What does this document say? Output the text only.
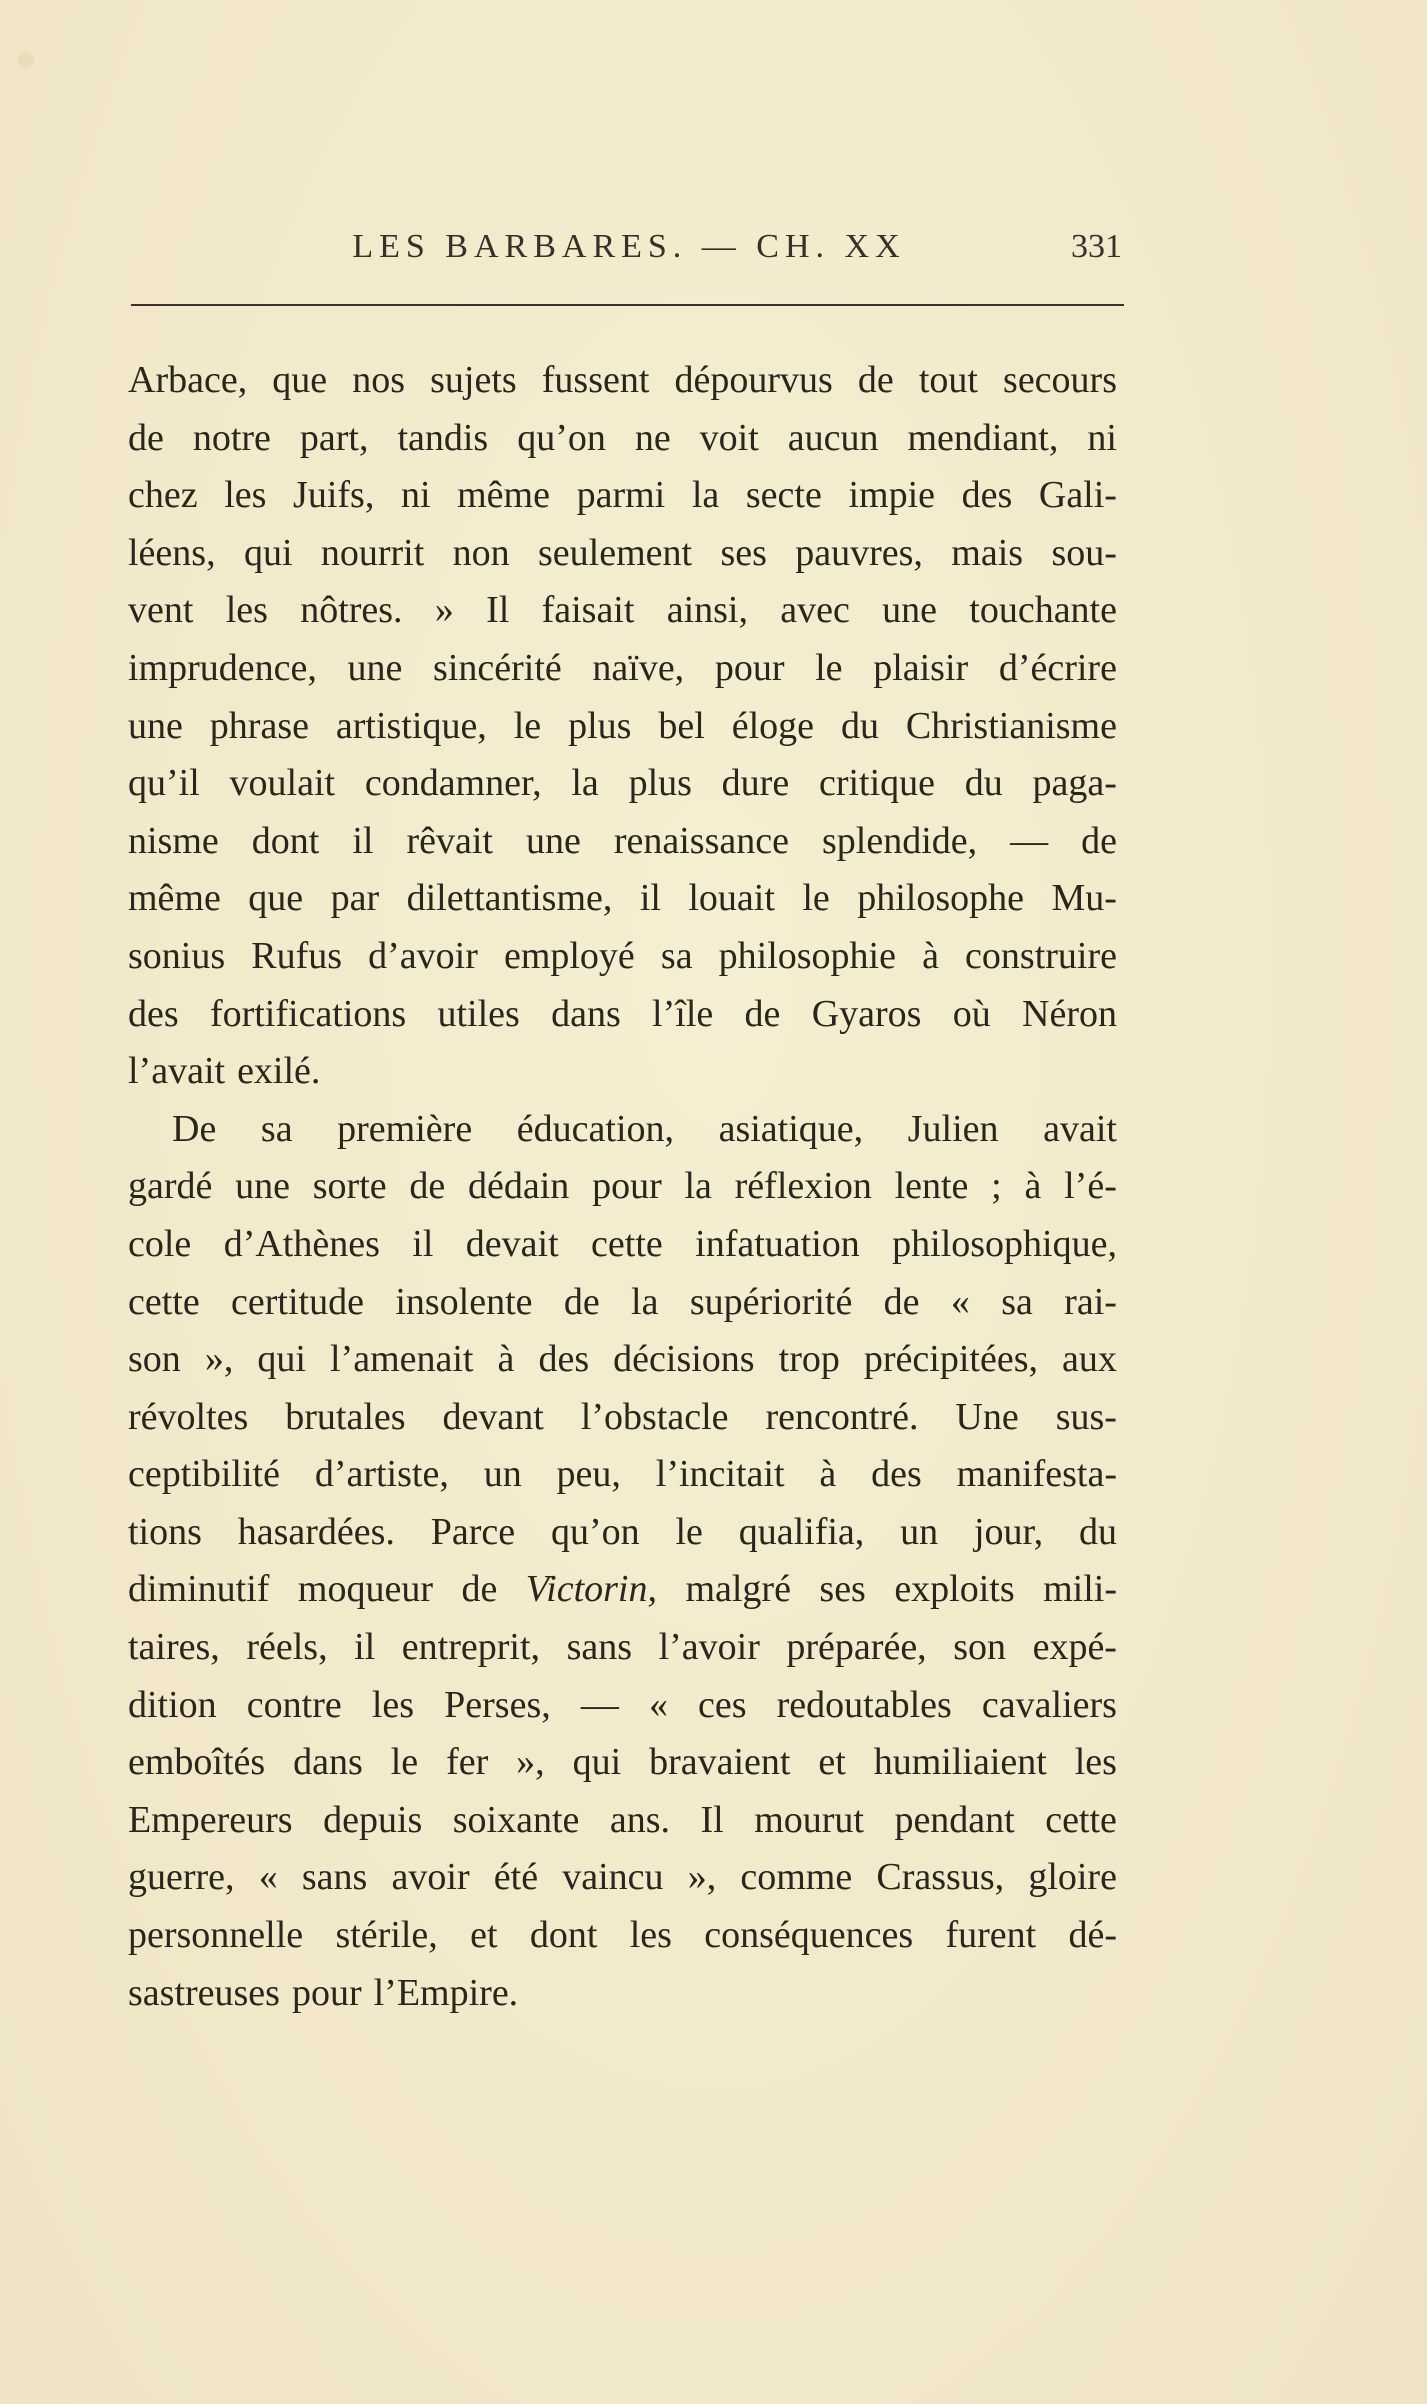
LES BARBARES. — CH. XX	331
Arbace, que nos sujets fussent dépourvus de tout secours
de notre part, tandis qu’on ne voit aucun mendiant, ni
chez les Juifs, ni même parmi la secte impie des Gali-
léens, qui nourrit non seulement ses pauvres, mais sou-
vent les nôtres. » Il faisait ainsi, avec une touchante
imprudence, une sincérité naïve, pour le plaisir d’écrire
une phrase artistique, le plus bel éloge du Christianisme
qu’il voulait condamner, la plus dure critique du paga-
nisme dont il rêvait une renaissance splendide, — de
même que par dilettantisme, il louait le philosophe Mu-
sonius Rufus d’avoir employé sa philosophie à construire
des fortifications utiles dans l’île de Gyaros où Néron
l’avait exilé.
De sa première éducation, asiatique, Julien avait
gardé une sorte de dédain pour la réflexion lente ; à l’é-
cole d’Athènes il devait cette infatuation philosophique,
cette certitude insolente de la supériorité de « sa rai-
son », qui l’amenait à des décisions trop précipitées, aux
révoltes brutales devant l’obstacle rencontré. Une sus-
ceptibilité d’artiste, un peu, l’incitait à des manifesta-
tions hasardées. Parce qu’on le qualifia, un jour, du
diminutif moqueur de Victorin, malgré ses exploits mili-
taires, réels, il entreprit, sans l’avoir préparée, son expé-
dition contre les Perses, — « ces redoutables cavaliers
emboîtés dans le fer », qui bravaient et humiliaient les
Empereurs depuis soixante ans. Il mourut pendant cette
guerre, « sans avoir été vaincu », comme Crassus, gloire
personnelle stérile, et dont les conséquences furent dé-
sastreuses pour l’Empire.
